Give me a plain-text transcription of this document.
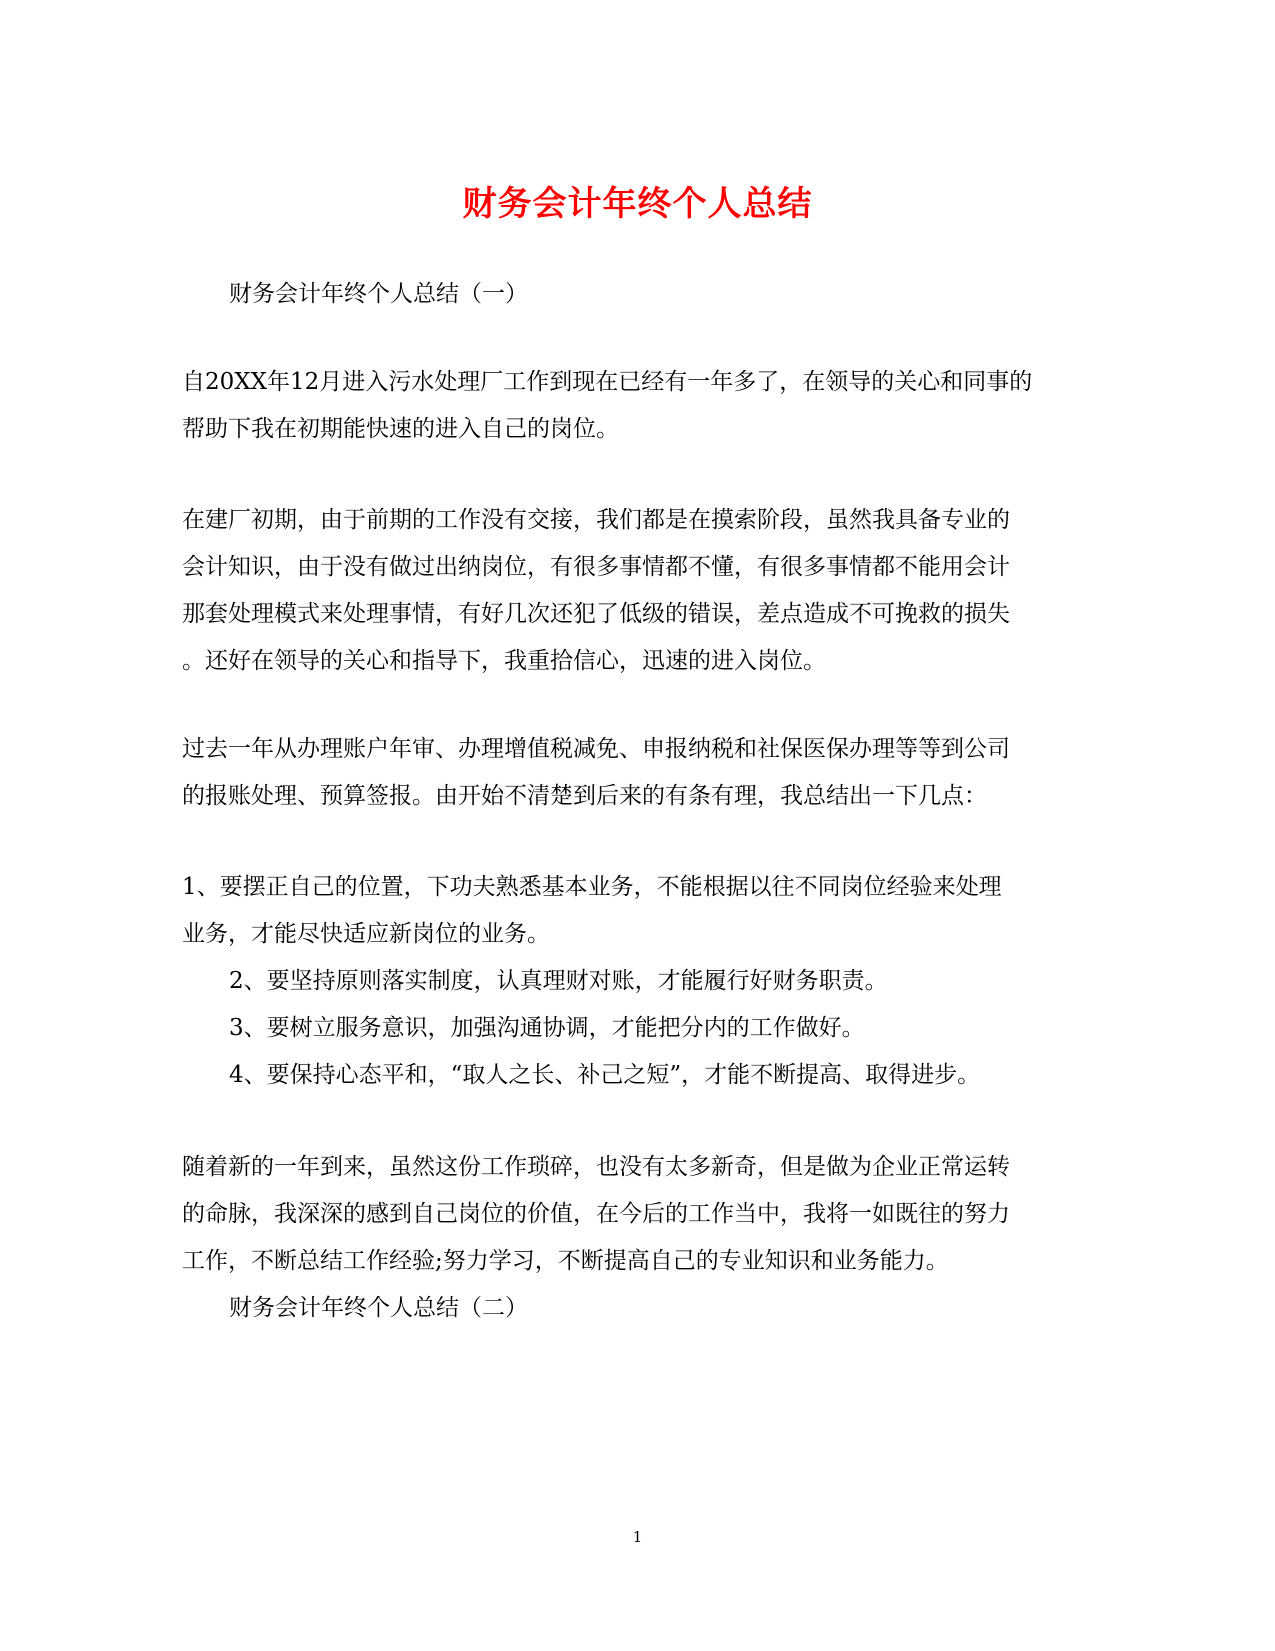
财务会计年终个人总结
财务会计年终个人总结（一）
自20XX年12月进入污水处理厂工作到现在已经有一年多了，在领导的关心和同事的
帮助下我在初期能快速的进入自己的岗位。
在建厂初期，由于前期的工作没有交接，我们都是在摸索阶段，虽然我具备专业的
会计知识，由于没有做过出纳岗位，有很多事情都不懂，有很多事情都不能用会计
那套处理模式来处理事情，有好几次还犯了低级的错误，差点造成不可挽救的损失
。还好在领导的关心和指导下，我重拾信心，迅速的进入岗位。
过去一年从办理账户年审、办理增值税减免、申报纳税和社保医保办理等等到公司
的报账处理、预算签报。由开始不清楚到后来的有条有理，我总结出一下几点：
1、要摆正自己的位置，下功夫熟悉基本业务，不能根据以往不同岗位经验来处理
业务，才能尽快适应新岗位的业务。
2、要坚持原则落实制度，认真理财对账，才能履行好财务职责。
3、要树立服务意识，加强沟通协调，才能把分内的工作做好。
4、要保持心态平和，“取人之长、补己之短”，才能不断提高、取得进步。
随着新的一年到来，虽然这份工作琐碎，也没有太多新奇，但是做为企业正常运转
的命脉，我深深的感到自己岗位的价值，在今后的工作当中，我将一如既往的努力
工作，不断总结工作经验;努力学习，不断提高自己的专业知识和业务能力。
财务会计年终个人总结（二）
1
